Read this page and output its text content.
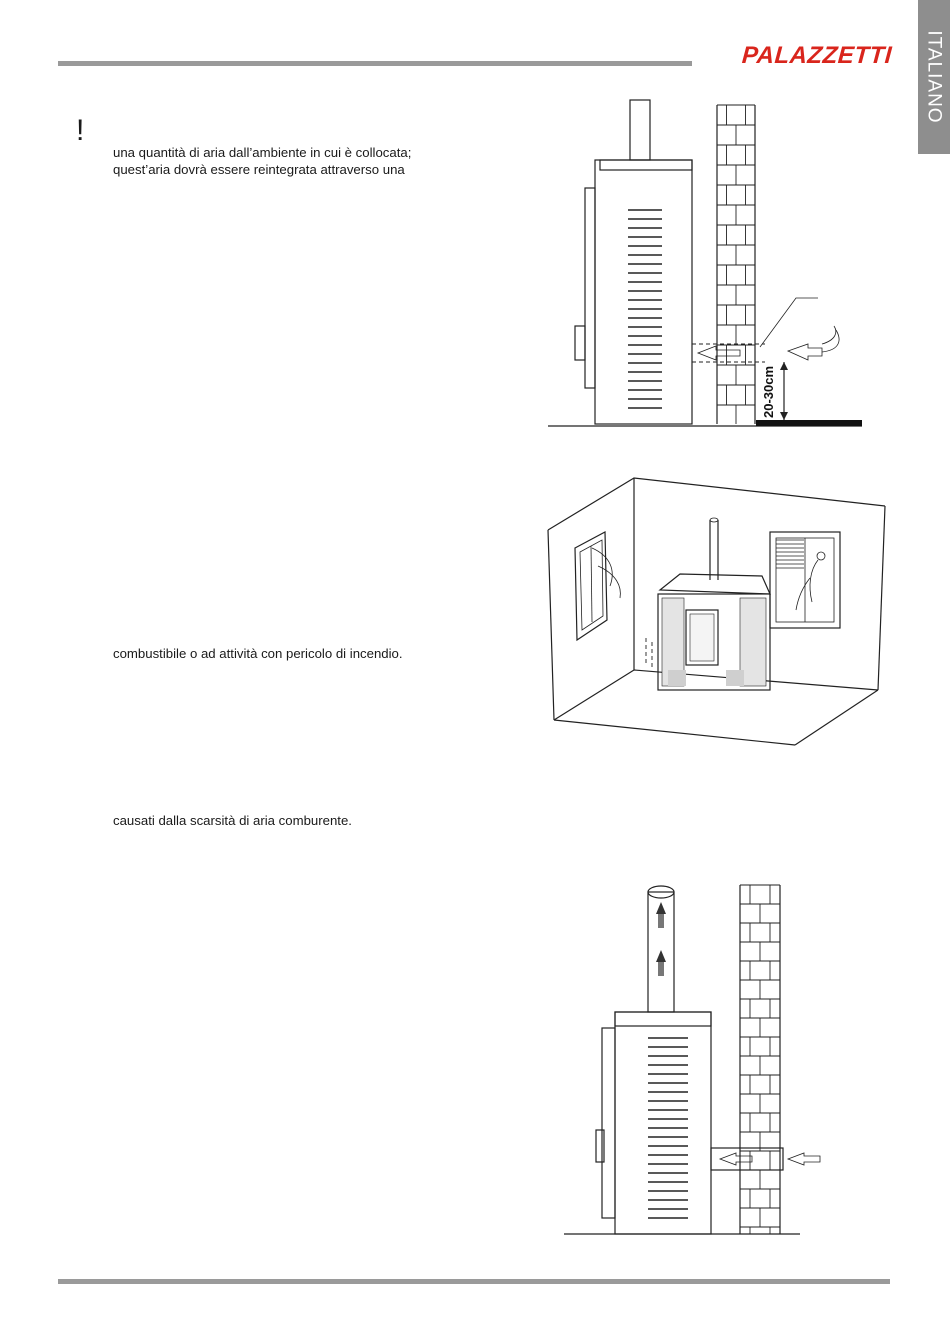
PALAZZETTI ITALIANO
!
una quantità di aria dall’ambiente in cui è collocata;
quest’aria dovrà essere reintegrata attraverso una
combustibile o ad attività con pericolo di incendio.
causati dalla scarsità di aria comburente.
20-30cm
